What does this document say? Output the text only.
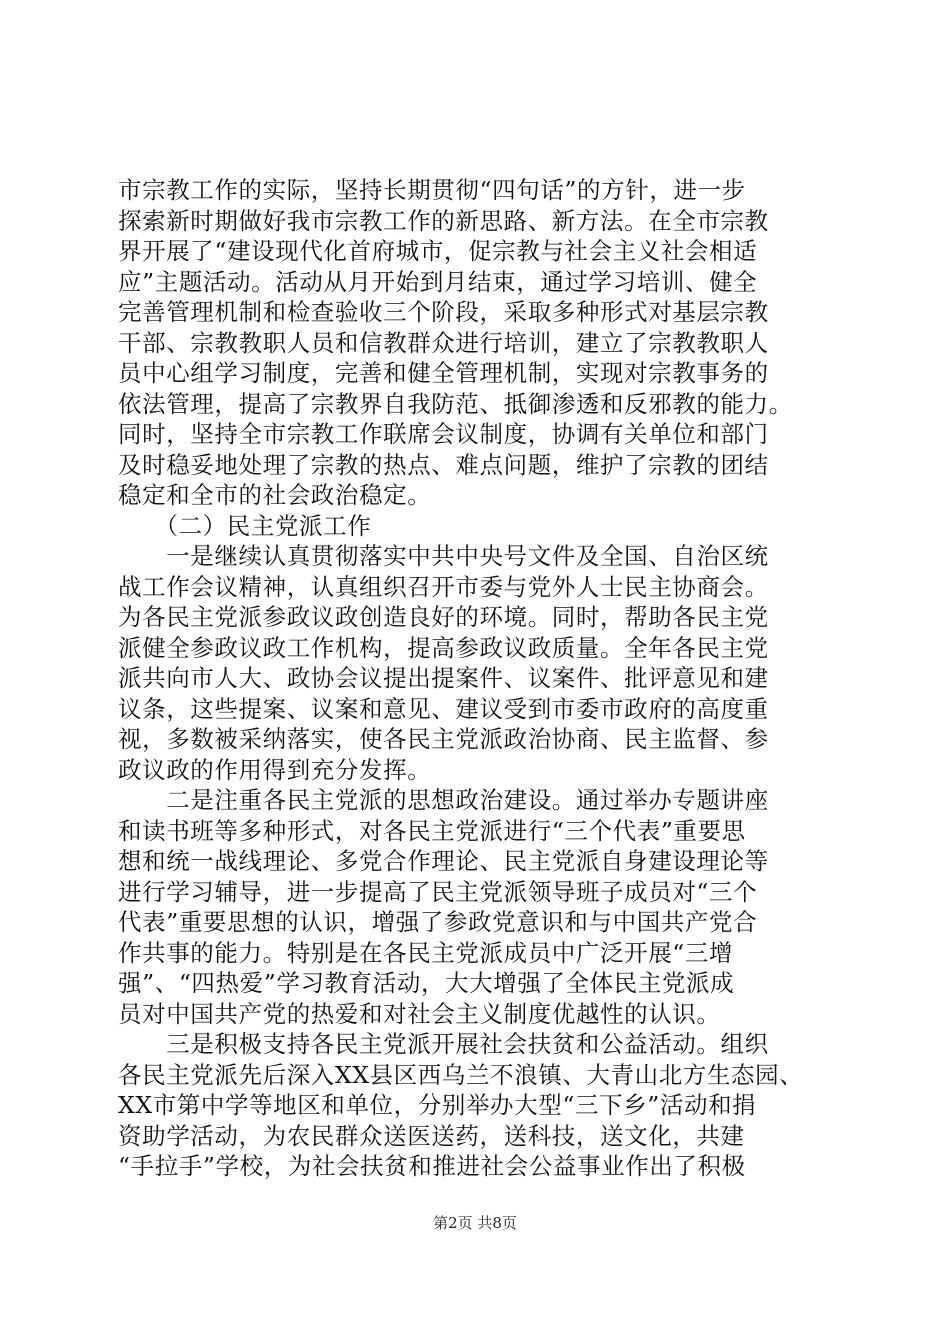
市宗教工作的实际，坚持长期贯彻“四句话”的方针，进一步
探索新时期做好我市宗教工作的新思路、新方法。在全市宗教
界开展了“建设现代化首府城市，促宗教与社会主义社会相适
应”主题活动。活动从月开始到月结束，通过学习培训、健全
完善管理机制和检查验收三个阶段，采取多种形式对基层宗教
干部、宗教教职人员和信教群众进行培训，建立了宗教教职人
员中心组学习制度，完善和健全管理机制，实现对宗教事务的
依法管理，提高了宗教界自我防范、抵御渗透和反邪教的能力。
同时，坚持全市宗教工作联席会议制度，协调有关单位和部门
及时稳妥地处理了宗教的热点、难点问题，维护了宗教的团结
稳定和全市的社会政治稳定。
　　（二）民主党派工作
　　一是继续认真贯彻落实中共中央号文件及全国、自治区统
战工作会议精神，认真组织召开市委与党外人士民主协商会。
为各民主党派参政议政创造良好的环境。同时，帮助各民主党
派健全参政议政工作机构，提高参政议政质量。全年各民主党
派共向市人大、政协会议提出提案件、议案件、批评意见和建
议条，这些提案、议案和意见、建议受到市委市政府的高度重
视，多数被采纳落实，使各民主党派政治协商、民主监督、参
政议政的作用得到充分发挥。
　　二是注重各民主党派的思想政治建设。通过举办专题讲座
和读书班等多种形式，对各民主党派进行“三个代表”重要思
想和统一战线理论、多党合作理论、民主党派自身建设理论等
进行学习辅导，进一步提高了民主党派领导班子成员对“三个
代表”重要思想的认识，增强了参政党意识和与中国共产党合
作共事的能力。特别是在各民主党派成员中广泛开展“三增
强”、“四热爱”学习教育活动，大大增强了全体民主党派成
员对中国共产党的热爱和对社会主义制度优越性的认识。
　　三是积极支持各民主党派开展社会扶贫和公益活动。组织
各民主党派先后深入XX县区西乌兰不浪镇、大青山北方生态园、
XX市第中学等地区和单位，分别举办大型“三下乡”活动和捐
资助学活动，为农民群众送医送药，送科技，送文化，共建
“手拉手”学校，为社会扶贫和推进社会公益事业作出了积极
第2页 共8页
